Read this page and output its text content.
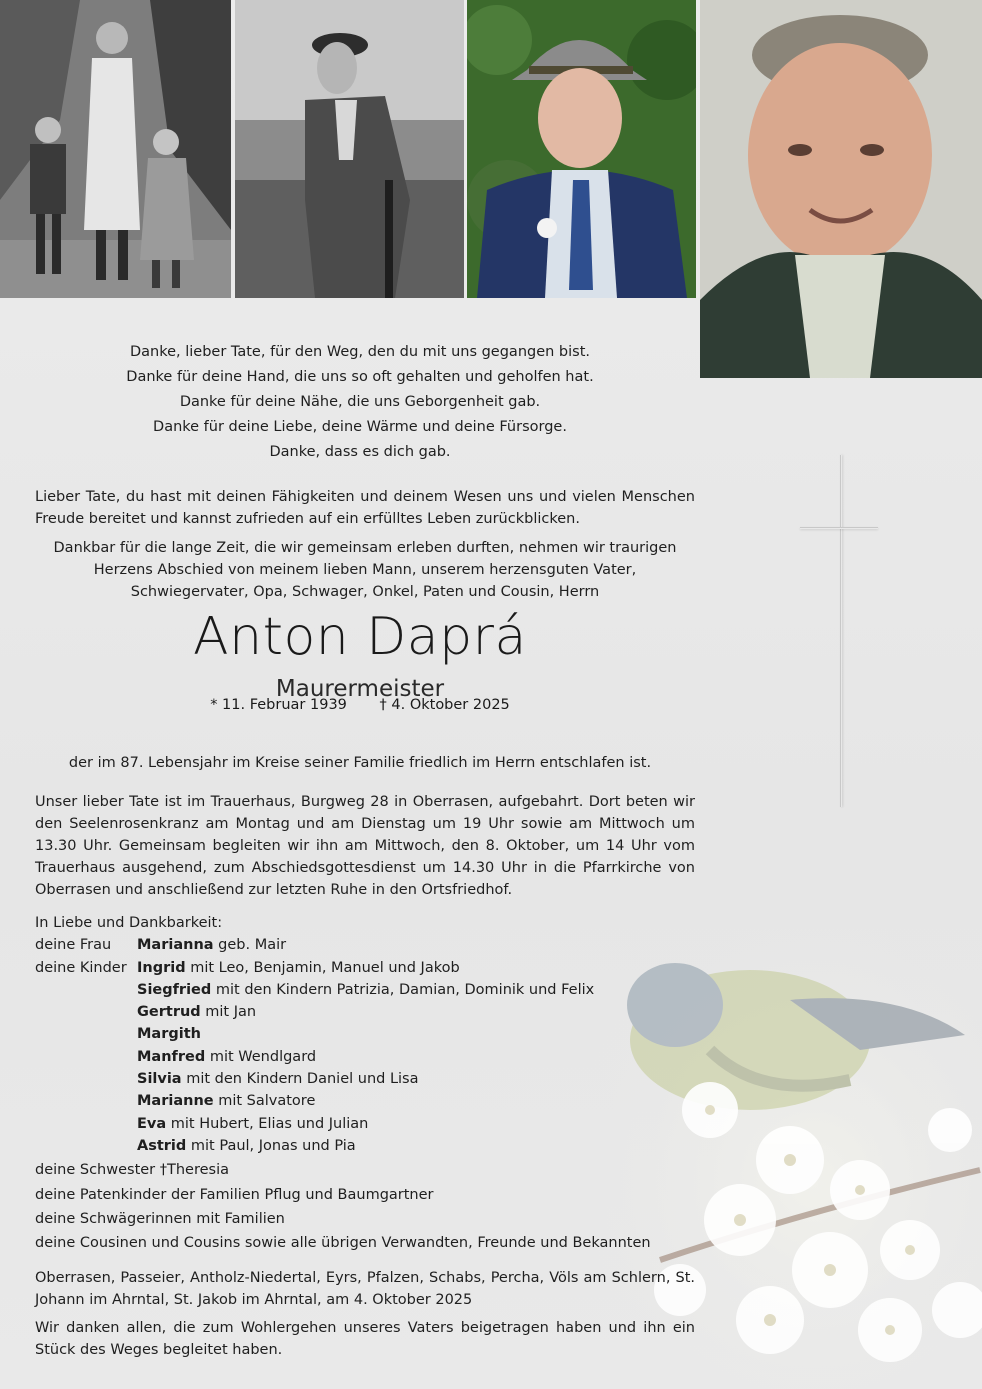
Danke, lieber Tate, für den Weg, den du mit uns gegangen bist.

Danke für deine Hand, die uns so oft gehalten und geholfen hat.

Danke für deine Nähe, die uns Geborgenheit gab.

Danke für deine Liebe, deine Wärme und deine Fürsorge.

Danke, dass es dich gab.

Lieber Tate, du hast mit deinen Fähigkeiten und deinem Wesen uns und vielen Menschen Freude bereitet und kannst zufrieden auf ein erfülltes Leben zurückblicken.

Dankbar für die lange Zeit, die wir gemeinsam erleben durften, nehmen wir traurigen

Herzens Abschied von meinem lieben Mann, unserem herzensguten Vater,

Schwiegervater, Opa, Schwager, Onkel, Paten und Cousin, Herrn

Anton Daprá
Maurermeister
* 11. Februar 1939 † 4. Oktober 2025

der im 87. Lebensjahr im Kreise seiner Familie friedlich im Herrn entschlafen ist.

Unser lieber Tate ist im Trauerhaus, Burgweg 28 in Oberrasen, aufgebahrt. Dort beten wir den Seelenrosenkranz am Montag und am Dienstag um 19 Uhr sowie am Mittwoch um 13.30 Uhr. Gemeinsam begleiten wir ihn am Mittwoch, den 8. Oktober, um 14 Uhr vom Trauerhaus ausgehend, zum Abschiedsgottesdienst um 14.30 Uhr in die Pfarrkirche von Oberrasen und anschließend zur letzten Ruhe in den Ortsfriedhof.

In Liebe und Dankbarkeit:
deine Frau	Marianna geb. Mair
deine Kinder Ingrid mit Leo, Benjamin, Manuel und Jakob
Siegfried mit den Kindern Patrizia, Damian, Dominik und Felix
Gertrud mit Jan
Margith
Manfred mit Wendlgard
Silvia mit den Kindern Daniel und Lisa
Marianne mit Salvatore
Eva mit Hubert, Elias und Julian
Astrid mit Paul, Jonas und Pia
deine Schwester †Theresia
deine Patenkinder der Familien Pflug und Baumgartner
deine Schwägerinnen mit Familien
deine Cousinen und Cousins sowie alle übrigen Verwandten, Freunde und Bekannten

Oberrasen, Passeier, Antholz-Niedertal, Eyrs, Pfalzen, Schabs, Percha, Völs am Schlern, St. Johann im Ahrntal, St. Jakob im Ahrntal, am 4. Oktober 2025

Wir danken allen, die zum Wohlergehen unseres Vaters beigetragen haben und ihn ein Stück des Weges begleitet haben.
